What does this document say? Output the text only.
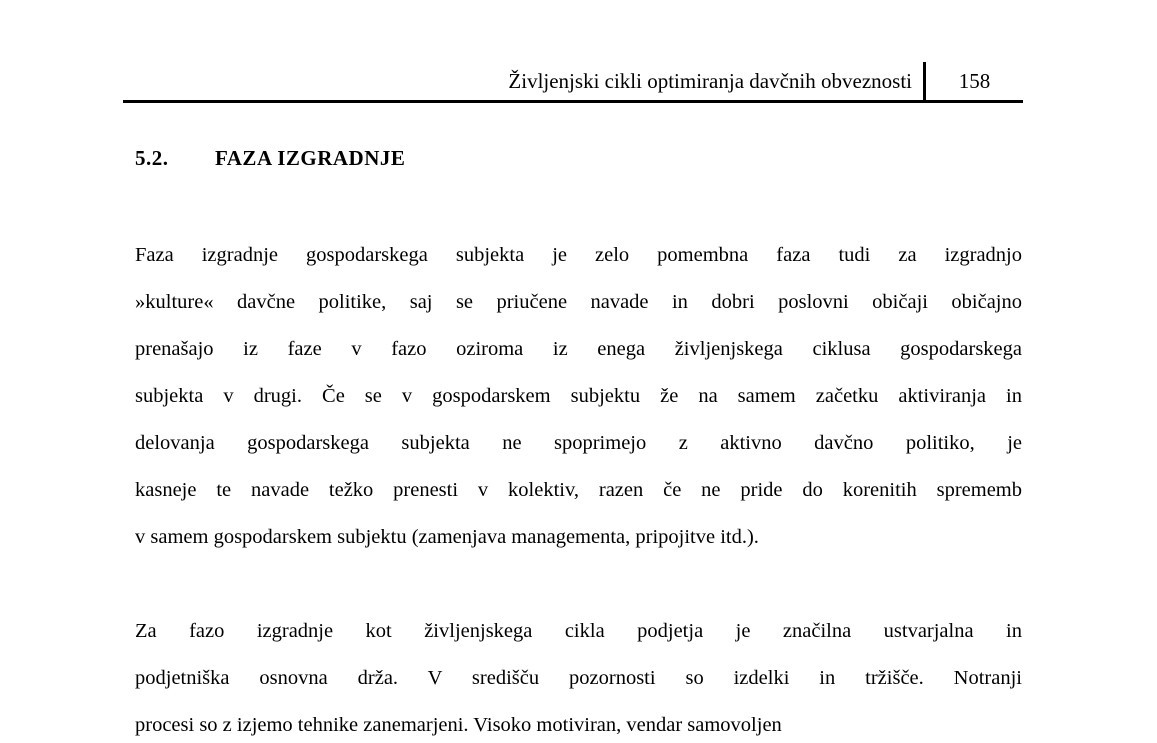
Življenjski cikli optimiranja davčnih obveznosti	158
5.2.	FAZA IZGRADNJE
Faza izgradnje gospodarskega subjekta je zelo pomembna faza tudi za izgradnjo
»kulture« davčne politike, saj se priučene navade in dobri poslovni običaji običajno
prenašajo iz faze v fazo oziroma iz enega življenjskega ciklusa gospodarskega
subjekta v drugi. Če se v gospodarskem subjektu že na samem začetku aktiviranja in
delovanja gospodarskega subjekta ne spoprimejo z aktivno davčno politiko, je
kasneje te navade težko prenesti v kolektiv, razen če ne pride do korenitih sprememb
v samem gospodarskem subjektu (zamenjava managementa, pripojitve itd.).
Za fazo izgradnje kot življenjskega cikla podjetja je značilna ustvarjalna in
podjetniška osnovna drža. V središču pozornosti so izdelki in tržišče. Notranji
procesi so z izjemo tehnike zanemarjeni. Visoko motiviran, vendar samovoljen
